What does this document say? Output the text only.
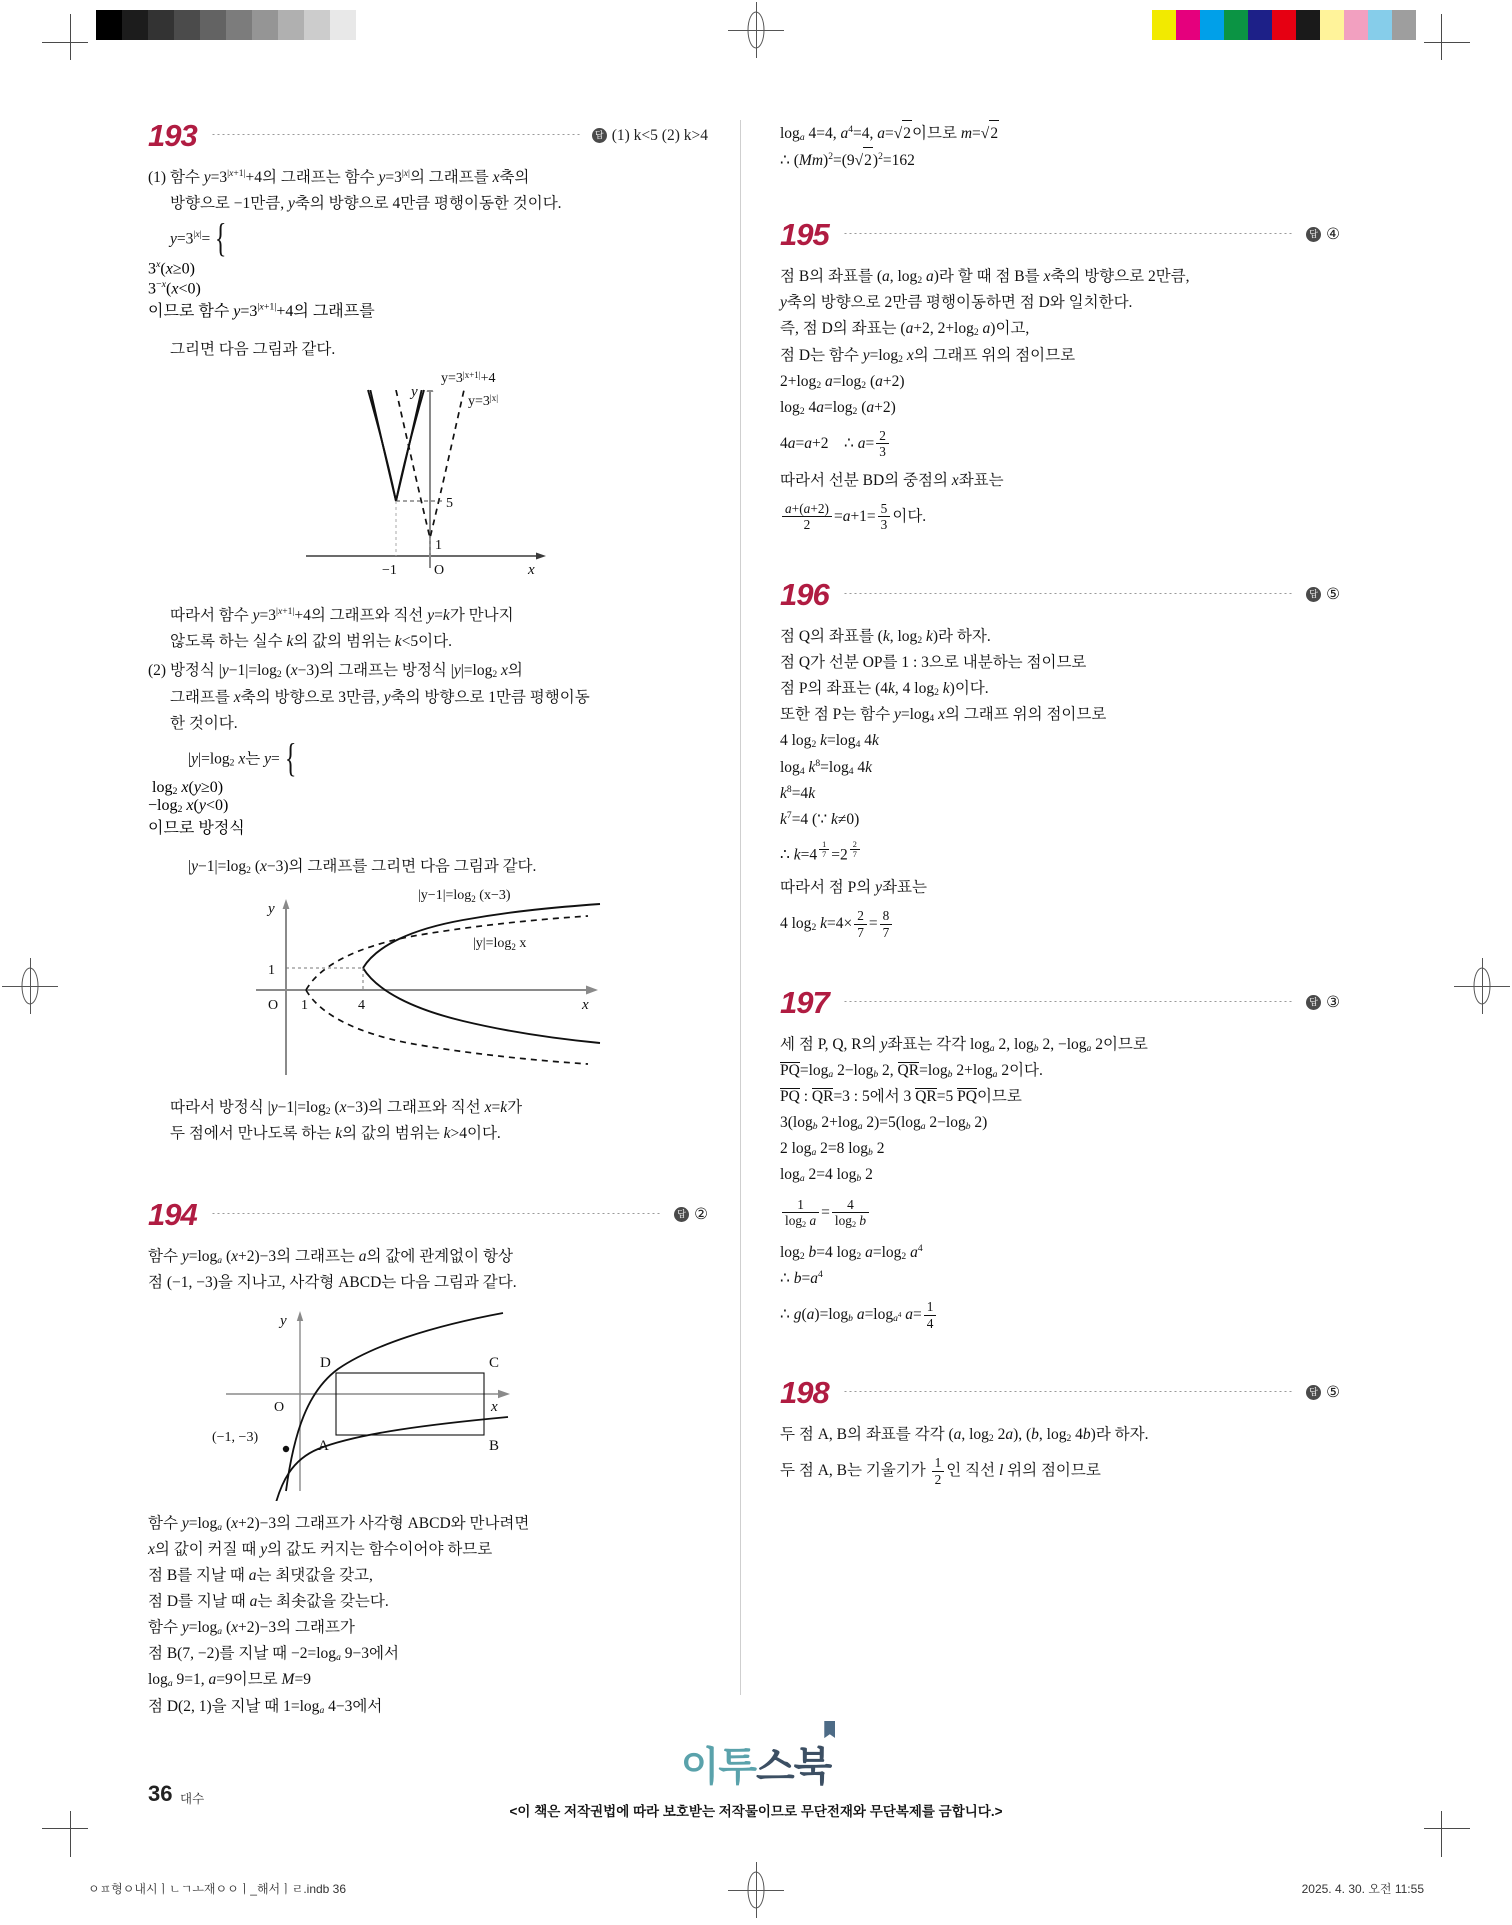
193	답 (1) k<5 (2) k>4

(1) 함수 $y=3^{|x+1|}+4$의 그래프는 함수 $y=3^{|x|}$의 그래프를 x축의

방향으로 −1만큼, y축의 방향으로 4만큼 평행이동한 것이다.

$y=3^{|x|}=$ {

$3^x(x\ge 0)$
$3^{-x}(x<0)$
이므로 함수 $y=3^{|x+1|}+4$의 그래프를

그리면 다음 그림과 같다.

1
5
−1	O	x
y
$y=3^{|x+1|}+4$
$y=3^{|x|}$

따라서 함수 $y=3^{|x+1|}+4$의 그래프와 직선 y=k가 만나지

않도록 하는 실수 k의 값의 범위는 k<5이다.

(2) 방정식 $|y-1|=\log_2$ (x−3)의 그래프는 방정식 $|y|=\log_2$ x의

그래프를 x축의 방향으로 3만큼, y축의 방향으로 1만큼 평행이동

한 것이다.

$|y|=\log_2$ x는 y= {

$\log_2 x(y\ge 0)$
$-\log_2$ x(y<0)
이므로 방정식

$|y-1|=\log_2$ (x−3)의 그래프를 그리면 다음 그림과 같다.

1
O 1	4	x
y
$|y-1|=\log_2$ (x−3)
$|y|=\log_2$ x

따라서 방정식 $|y-1|=\log_2$ (x−3)의 그래프와 직선 x=k가

두 점에서 만나도록 하는 k의 값의 범위는 k>4이다.

194	답 ②

함수 $y=\log_a$ (x+2)−3의 그래프는 a의 값에 관계없이 항상

점 (−1, −3)을 지나고, 사각형 ABCD는 다음 그림과 같다.

D	C
A	B
O	x
y
(−1, −3)

함수 $y=\log_a$ (x+2)−3의 그래프가 사각형 ABCD와 만나려면

x의 값이 커질 때 y의 값도 커지는 함수이어야 하므로

점 B를 지날 때 a는 최댓값을 갖고,

점 D를 지날 때 a는 최솟값을 갖는다.

함수 $y=\log_a$ (x+2)−3의 그래프가

점 B(7, −2)를 지날 때 $-2=\log_a$ 9−3에서

$\log_a 9=1$, a=9이므로 M=9

점 D(2, 1)을 지날 때 $1=\log_a$ 4−3에서

$\log_a 4=4$, $a^4=4$, a=√2이므로 m=√2

∴ $(Mm)^2=(9√2)^2=162$

195	답 ④

점 B의 좌표를 (a, $\log_2 a$)라 할 때 점 B를 x축의 방향으로 2만큼,

y축의 방향으로 2만큼 평행이동하면 점 D와 일치한다.

즉, 점 D의 좌표는 (a+2, $2+\log_2$ a)이고,

점 D는 함수 $y=\log_2$ x의 그래프 위의 점이므로

$2+\log_2$ $a=\log_2$ (a+2)

$\log_2 4a=\log_2$ (a+2)

4a=a+2    ∴ $a= \frac{2}{3}$

따라서 선분 BD의 중점의 x좌표는

$\frac{a+(a+2)}{2} =a+1= \frac{5}{3}$ 이다.

196	답 ⑤

점 Q의 좌표를 (k, $\log_2 k$)라 하자.

점 Q가 선분 OP를 1 : 3으로 내분하는 점이므로

점 P의 좌표는 (4k, 4 $\log_2 k$)이다.

또한 점 P는 함수 $y=\log_4$ x의 그래프 위의 점이므로

4 $\log_2 k=\log_4$ 4k

$\log_4 k^8=\log_4$ 4k

$k^8=4k$

$k^7=4$ (∵ k≠0)

∴ k=4 $^{\frac{1}{7}}$ =2 $^{\frac{2}{7}}$

따라서 점 P의 y좌표는

4 $\log_2 k=4\times \frac{2}{7} = \frac{8}{7}$

197	답 ③

세 점 P, Q, R의 y좌표는 각각 $\log_a 2$, $\log_b 2$, $-\log_a$ 2이므로

$PQ=\log_a$ $2-\log_b$ 2, $QR=\log_b$ $2+\log_a$ 2이다.

PQ : QR=3 : 5에서 3 QR=5 PQ이므로

$3(\log_b$ $2+\log_a$ $2)=5(\log_a$ $2-\log_b$ 2)

2 $\log_a 2=8$ $\log_b 2$

$\log_a 2=4$ $\log_b 2$

$\frac{1}{\log_2 a} = \frac{4}{\log_2 b}$

$\log_2 b=4$ $\log_2 a=\log_2$ $a^4$

∴ $b=a^4$

∴ $g(a)=\log_b$ $a=\log_{a^4}$ $a= \frac{1}{4}$

198	답 ⑤

두 점 A, B의 좌표를 각각 (a, $\log_2 2a$), (b, $\log_2 4b$)라 하자.

두 점 A, B는 기울기가 $\frac{1}{2}$ 인 직선 l 위의 점이므로

36 대수
이투스북
<이 책은 저작권법에 따라 보호받는 저작물이므로 무단전재와 무단복제를 금합니다.>
ㅇㅍ형ㅇ내시ㅣㄴㄱㅗ재ㅇㅇㅣ_해서ㅣㄹ.indb 36	2025. 4. 30. 오전 11:55
